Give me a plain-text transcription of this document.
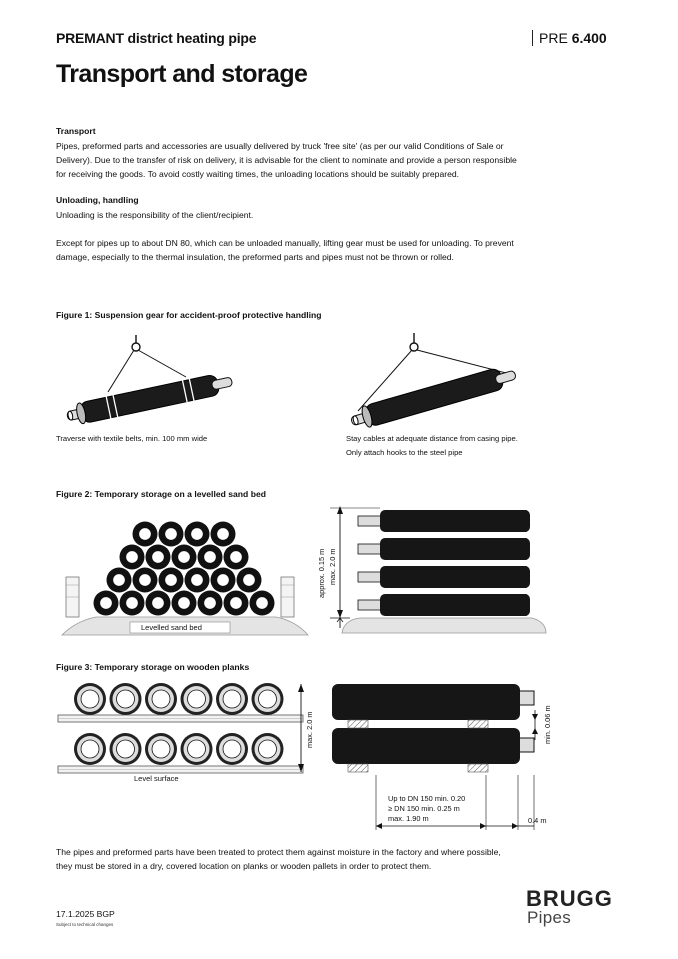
PREMANT district heating pipe	PRE 6.400
Transport and storage
Transport
Pipes, preformed parts and accessories are usually delivered by truck 'free site' (as per our valid Conditions of Sale or
Delivery). Due to the transfer of risk on delivery, it is advisable for the client to nominate and provide a person responsible
for receiving the goods. To avoid costly waiting times, the unloading locations should be suitably prepared.
Unloading, handling
Unloading is the responsibility of the client/recipient.
Except for pipes up to about DN 80, which can be unloaded manually, lifting gear must be used for unloading. To prevent
damage, especially to the thermal insulation, the preformed parts and pipes must not be thrown or rolled.
Figure 1: Suspension gear for accident-proof protective handling
Traverse with textile belts, min. 100 mm wide	Stay cables at adequate distance from casing pipe.
Only attach hooks to the steel pipe
Figure 2: Temporary storage on a levelled sand bed
Levelled sand bed
approx. 0.15 m max. 2.0 m
Figure 3: Temporary storage on wooden planks
max. 2.0 m
Level surface
min. 0.06 m
Up to DN 150 min. 0.20
≥ DN 150 min. 0.25 m
max. 1.90 m	0.4 m
The pipes and preformed parts have been treated to protect them against moisture in the factory and where possible,
they must be stored in a dry, covered location on planks or wooden pallets in order to protect them.
17.1.2025 BGP
Subject to technical changes
BRUGG
Pipes
